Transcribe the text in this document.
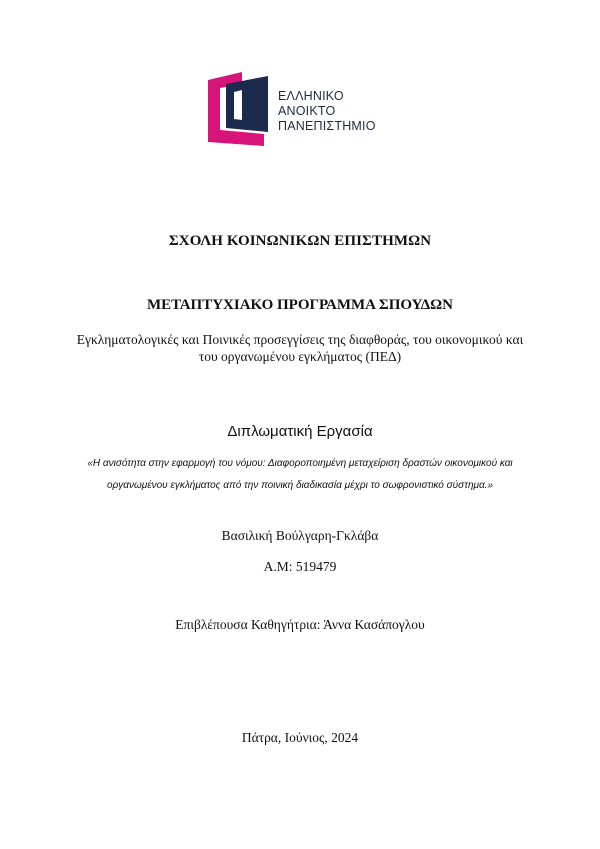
ΕΛΛΗΝΙΚΟ
ΑΝΟΙΚΤΟ
ΠΑΝΕΠΙΣΤΗΜΙΟ
ΣΧΟΛΗ ΚΟΙΝΩΝΙΚΩΝ ΕΠΙΣΤΗΜΩΝ
ΜΕΤΑΠΤΥΧΙΑΚΟ ΠΡΟΓΡΑΜΜΑ ΣΠΟΥΔΩΝ
Εγκληματολογικές και Ποινικές προσεγγίσεις της διαφθοράς, του οικονομικού και
του οργανωμένου εγκλήματος (ΠΕΔ)
Διπλωματική Εργασία
«Η ανισότητα στην εφαρμογή του νόμου: Διαφοροποιημένη μεταχείριση δραστών οικονομικού και
οργανωμένου εγκλήματος από την ποινική διαδικασία μέχρι το σωφρονιστικό σύστημα.»
Βασιλική Βούλγαρη-Γκλάβα
Α.Μ: 519479
Επιβλέπουσα Καθηγήτρια: Άννα Κασάπογλου
Πάτρα, Ιούνιος, 2024
